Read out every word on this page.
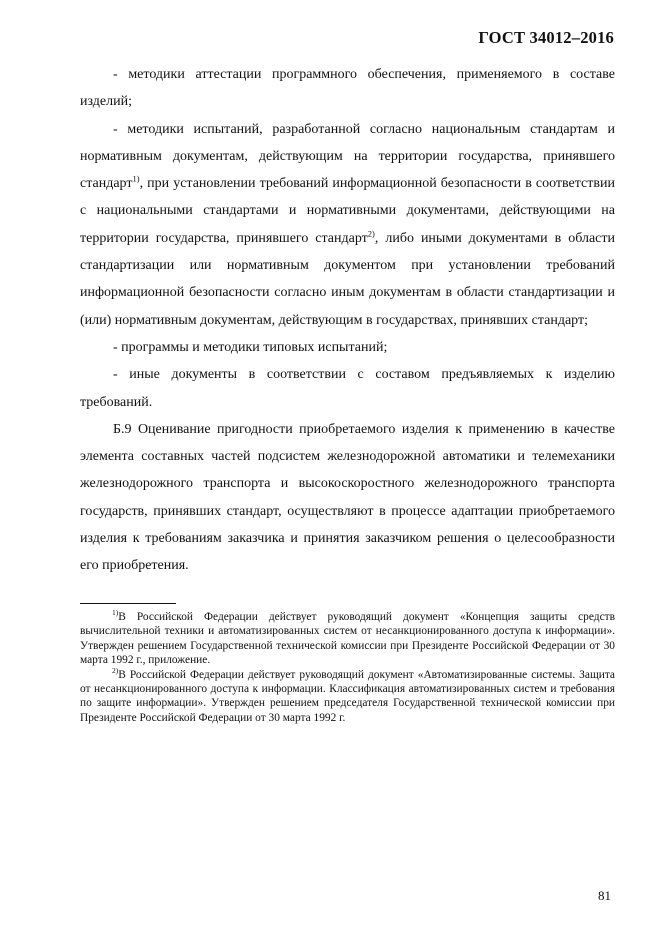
ГОСТ 34012–2016

- методики аттестации программного обеспечения, применяемого в составе изделий;

- методики испытаний, разработанной согласно национальным стандартам и нормативным документам, действующим на территории государства, принявшего стандарт$^{1)}$, при установлении требований информационной безопасности в соответствии с национальными стандартами и нормативными документами, действующими на территории государства, принявшего стандарт$^{2)}$, либо иными документами в области стандартизации или нормативным документом при установлении требований информационной безопасности согласно иным документам в области стандартизации и (или) нормативным документам, действующим в государствах, принявших стандарт;

- программы и методики типовых испытаний;

- иные документы в соответствии с составом предъявляемых к изделию требований.

Б.9 Оценивание пригодности приобретаемого изделия к применению в качестве элемента составных частей подсистем железнодорожной автоматики и телемеханики железнодорожного транспорта и высокоскоростного железнодорожного транспорта государств, принявших стандарт, осуществляют в процессе адаптации приобретаемого изделия к требованиям заказчика и принятия заказчиком решения о целесообразности его приобретения.

$^{1)}$В Российской Федерации действует руководящий документ «Концепция защиты средств вычислительной техники и автоматизированных систем от несанкционированного доступа к информации». Утвержден решением Государственной технической комиссии при Президенте Российской Федерации от 30 марта 1992 г., приложение.

$^{2)}$В Российской Федерации действует руководящий документ «Автоматизированные системы. Защита от несанкционированного доступа к информации. Классификация автоматизированных систем и требования по защите информации». Утвержден решением председателя Государственной технической комиссии при Президенте Российской Федерации от 30 марта 1992 г.

81
